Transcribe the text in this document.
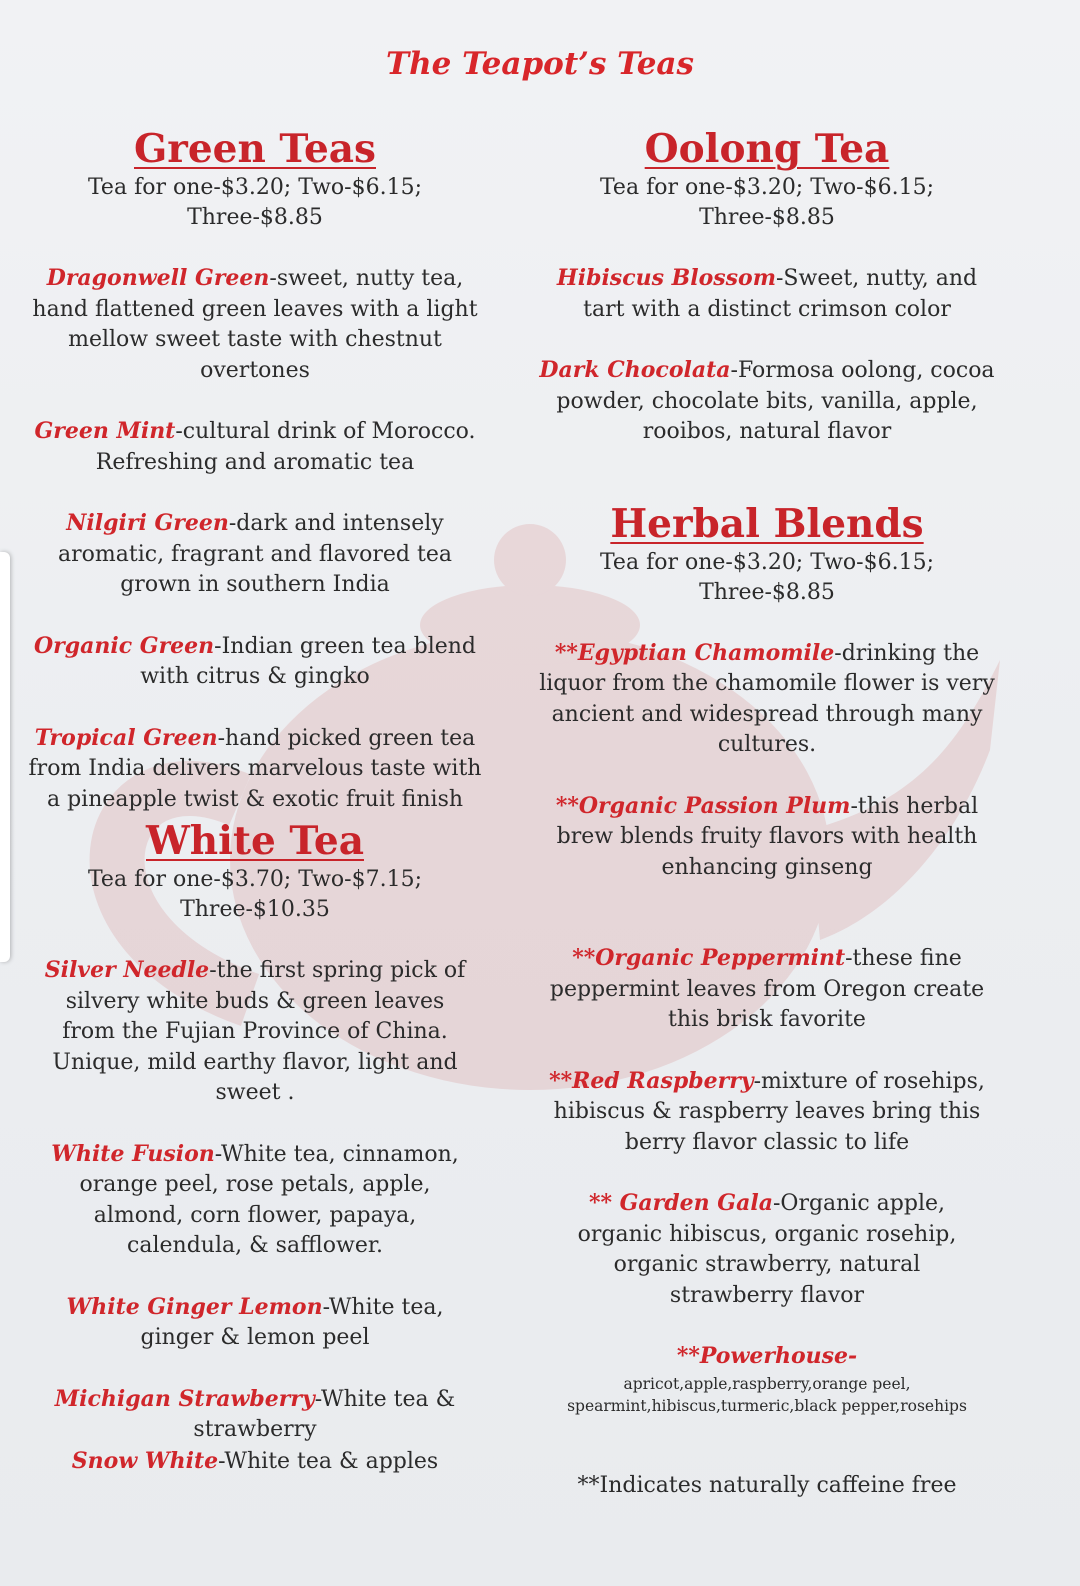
The Teapot’s Teas

Green Teas

Tea for one-$3.20; Two-$6.15;

Three-$8.85

Dragonwell Green-sweet, nutty tea, hand flattened green leaves with a light mellow sweet taste with chestnut overtones

Green Mint-cultural drink of Morocco. Refreshing and aromatic tea

Nilgiri Green-dark and intensely aromatic, fragrant and flavored tea grown in southern India

Organic Green-Indian green tea blend with citrus & gingko

Tropical Green-hand picked green tea from India delivers marvelous taste with a pineapple twist & exotic fruit finish

White Tea

Tea for one-$3.70; Two-$7.15;

Three-$10.35

Silver Needle-the first spring pick of silvery white buds & green leaves from the Fujian Province of China. Unique, mild earthy flavor, light and sweet .

White Fusion-White tea, cinnamon, orange peel, rose petals, apple, almond, corn flower, papaya, calendula, & safflower.

White Ginger Lemon-White tea, ginger & lemon peel

Michigan Strawberry-White tea & strawberry

Snow White-White tea & apples

Oolong Tea

Tea for one-$3.20; Two-$6.15;

Three-$8.85

Hibiscus Blossom-Sweet, nutty, and tart with a distinct crimson color

Dark Chocolata-Formosa oolong, cocoa powder, chocolate bits, vanilla, apple, rooibos, natural flavor

Herbal Blends

Tea for one-$3.20; Two-$6.15;

Three-$8.85

**Egyptian Chamomile-drinking the liquor from the chamomile flower is very ancient and widespread through many cultures.

**Organic Passion Plum-this herbal brew blends fruity flavors with health enhancing ginseng

**Organic Peppermint-these fine peppermint leaves from Oregon create this brisk favorite

**Red Raspberry-mixture of rosehips, hibiscus & raspberry leaves bring this berry flavor classic to life

** Garden Gala-Organic apple, organic hibiscus, organic rosehip, organic strawberry, natural strawberry flavor

**Powerhouse-

apricot,apple,raspberry,orange peel,

spearmint,hibiscus,turmeric,black pepper,rosehips

**Indicates naturally caffeine free
